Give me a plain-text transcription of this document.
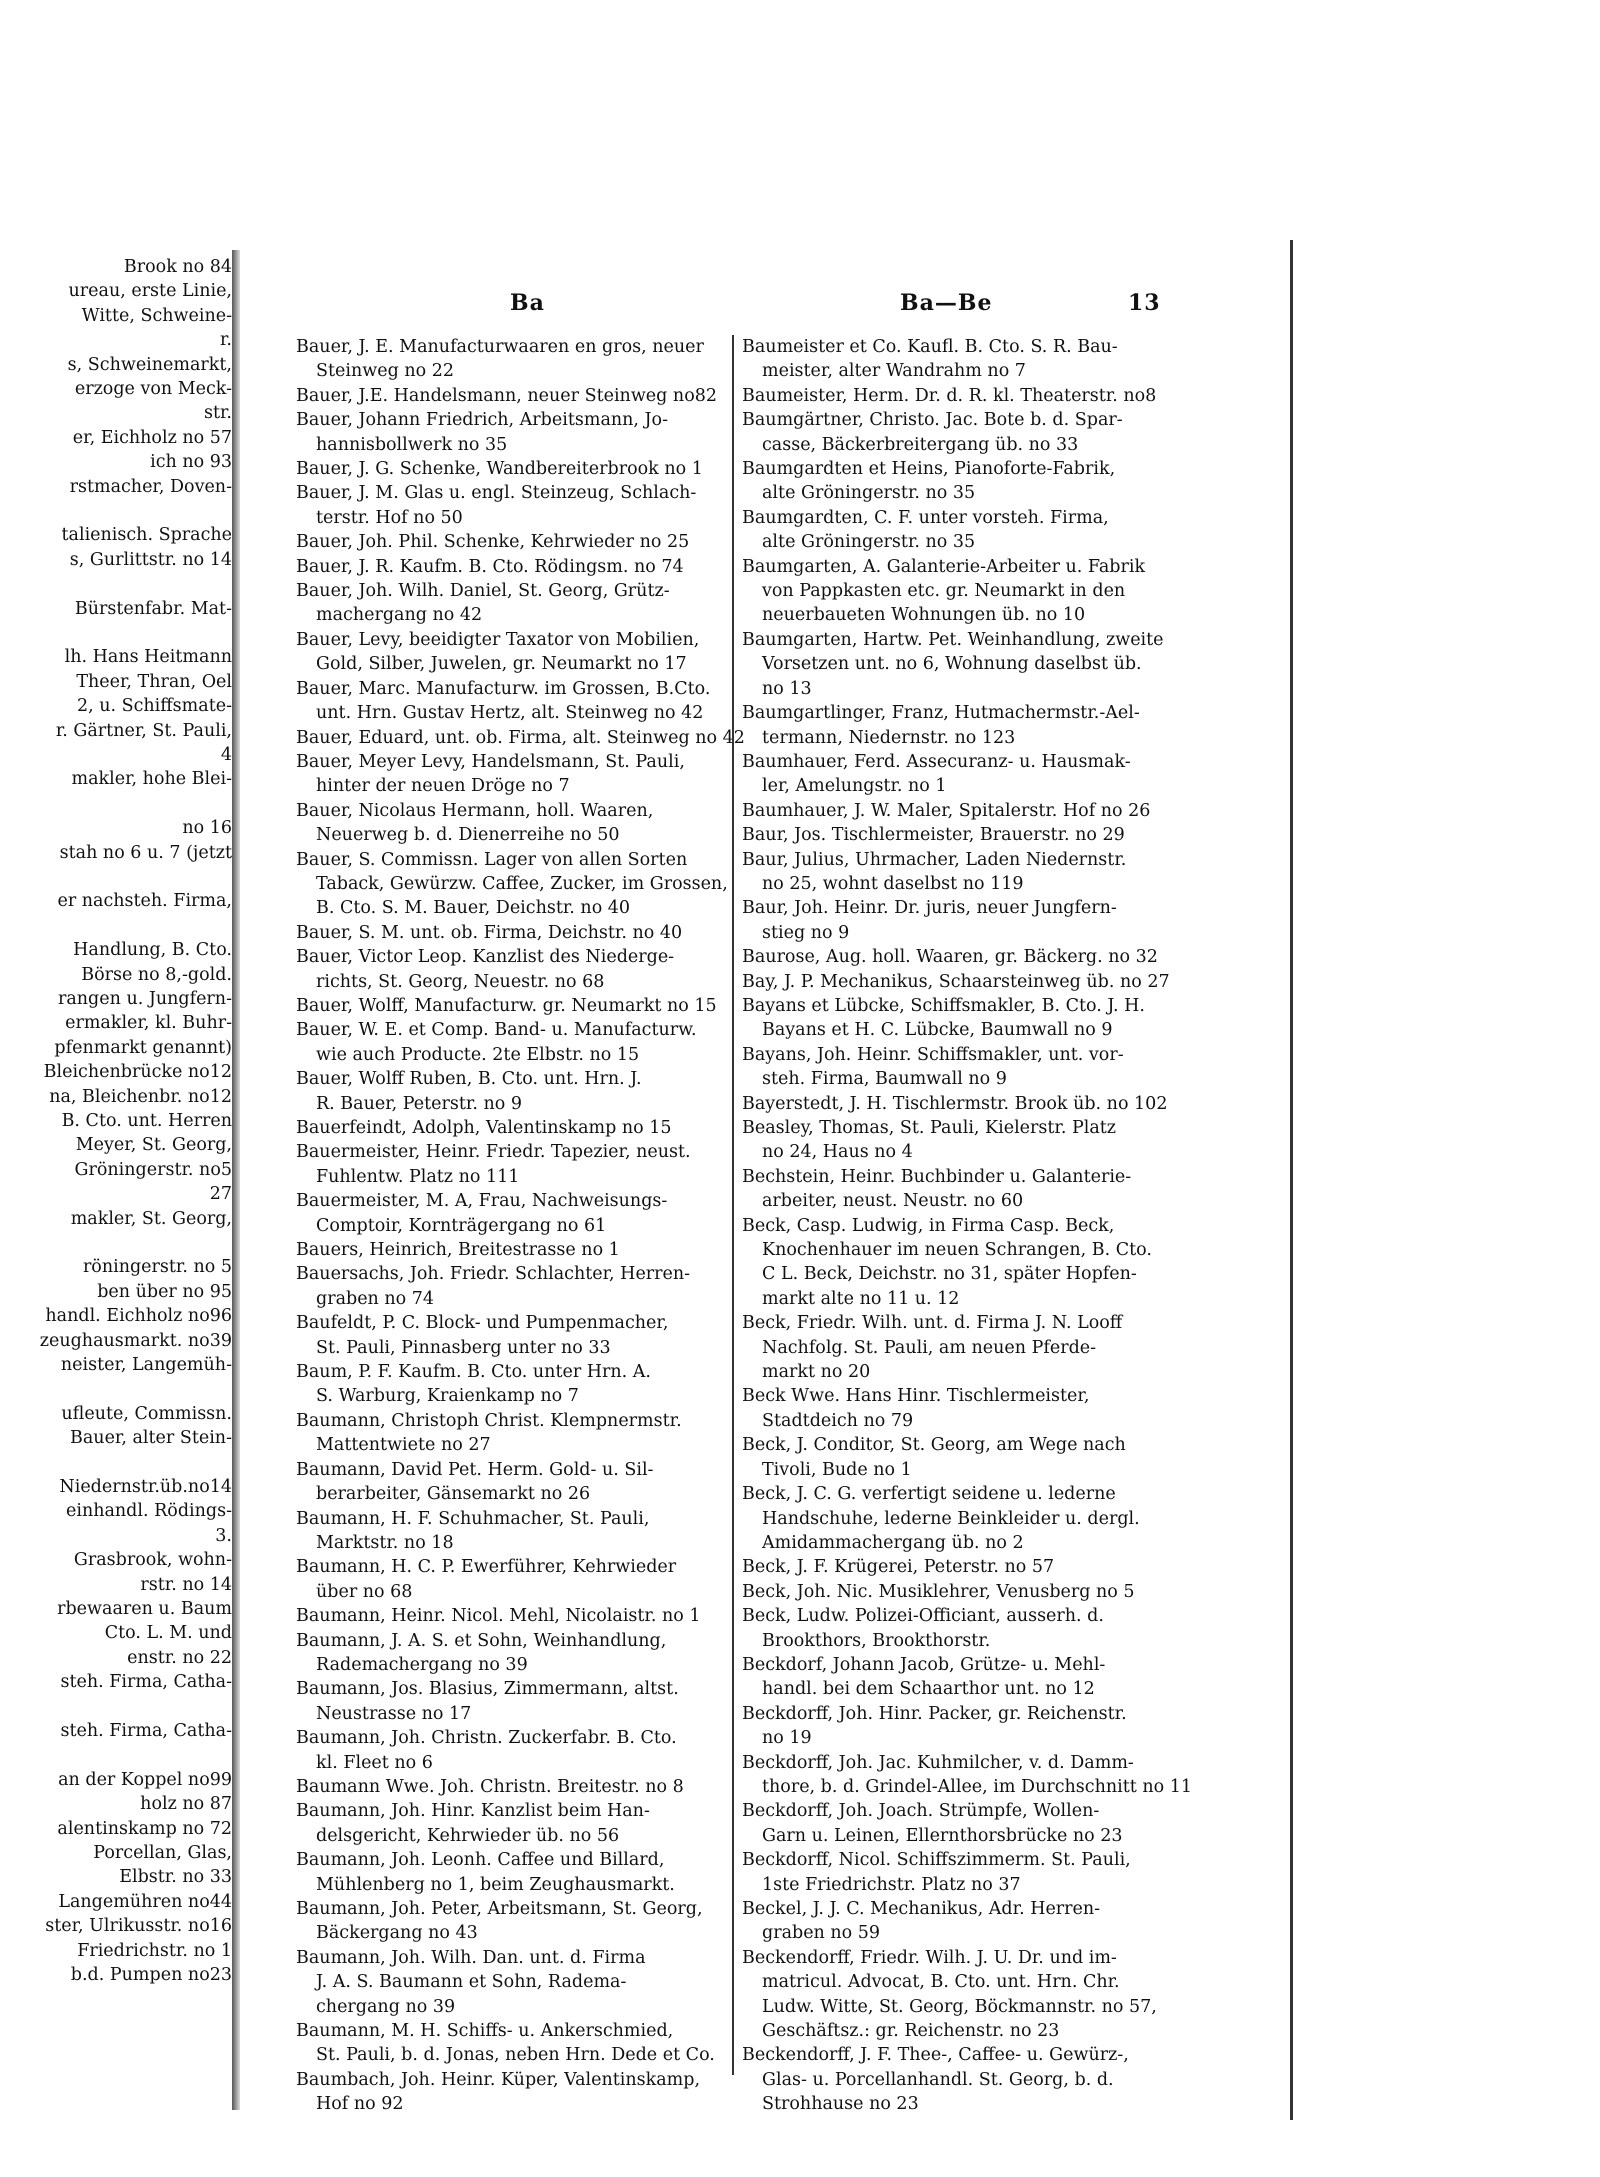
Brook no 84
ureau, erste Linie,
Witte, Schweine-
r.
s, Schweinemarkt,
erzoge von Meck-
str.
er, Eichholz no 57
ich no 93
rstmacher, Doven-
talienisch. Sprache
s, Gurlittstr. no 14
Bürstenfabr. Mat-
lh. Hans Heitmann
Theer, Thran, Oel
2, u. Schiffsmate-
r. Gärtner, St. Pauli,
4
makler, hohe Blei-
no 16
stah no 6 u. 7 (jetzt
er nachsteh. Firma,
Handlung, B. Cto.
Börse no 8,-gold.
rangen u. Jungfern-
ermakler, kl. Buhr-
pfenmarkt genannt)
Bleichenbrücke no12
na, Bleichenbr. no12
B. Cto. unt. Herren
Meyer, St. Georg,
Gröningerstr. no5
27
makler, St. Georg,
röningerstr. no 5
ben über no 95
handl. Eichholz no96
zeughausmarkt. no39
neister, Langemüh-
ufleute, Commissn.
Bauer, alter Stein-
Niedernstr.üb.no14
einhandl. Rödings-
3.
Grasbrook, wohn-
rstr. no 14
rbewaaren u. Baum
Cto. L. M. und
enstr. no 22
steh. Firma, Catha-
steh. Firma, Catha-
an der Koppel no99
holz no 87
alentinskamp no 72
Porcellan, Glas,
Elbstr. no 33
Langemühren no44
ster, Ulrikusstr. no16
Friedrichstr. no 1
b.d. Pumpen no23
Ba	Ba—Be	13
Bauer, J. E. Manufacturwaaren en gros, neuer
Steinweg no 22
Bauer, J.E. Handelsmann, neuer Steinweg no82
Bauer, Johann Friedrich, Arbeitsmann, Jo-
hannisbollwerk no 35
Bauer, J. G. Schenke, Wandbereiterbrook no 1
Bauer, J. M. Glas u. engl. Steinzeug, Schlach-
terstr. Hof no 50
Bauer, Joh. Phil. Schenke, Kehrwieder no 25
Bauer, J. R. Kaufm. B. Cto. Rödingsm. no 74
Bauer, Joh. Wilh. Daniel, St. Georg, Grütz-
machergang no 42
Bauer, Levy, beeidigter Taxator von Mobilien,
Gold, Silber, Juwelen, gr. Neumarkt no 17
Bauer, Marc. Manufacturw. im Grossen, B.Cto.
unt. Hrn. Gustav Hertz, alt. Steinweg no 42
Bauer, Eduard, unt. ob. Firma, alt. Steinweg no 42
Bauer, Meyer Levy, Handelsmann, St. Pauli,
hinter der neuen Dröge no 7
Bauer, Nicolaus Hermann, holl. Waaren,
Neuerweg b. d. Dienerreihe no 50
Bauer, S. Commissn. Lager von allen Sorten
Taback, Gewürzw. Caffee, Zucker, im Grossen,
B. Cto. S. M. Bauer, Deichstr. no 40
Bauer, S. M. unt. ob. Firma, Deichstr. no 40
Bauer, Victor Leop. Kanzlist des Niederge-
richts, St. Georg, Neuestr. no 68
Bauer, Wolff, Manufacturw. gr. Neumarkt no 15
Bauer, W. E. et Comp. Band- u. Manufacturw.
wie auch Producte. 2te Elbstr. no 15
Bauer, Wolff Ruben, B. Cto. unt. Hrn. J.
R. Bauer, Peterstr. no 9
Bauerfeindt, Adolph, Valentinskamp no 15
Bauermeister, Heinr. Friedr. Tapezier, neust.
Fuhlentw. Platz no 111
Bauermeister, M. A, Frau, Nachweisungs-
Comptoir, Kornträgergang no 61
Bauers, Heinrich, Breitestrasse no 1
Bauersachs, Joh. Friedr. Schlachter, Herren-
graben no 74
Baufeldt, P. C. Block- und Pumpenmacher,
St. Pauli, Pinnasberg unter no 33
Baum, P. F. Kaufm. B. Cto. unter Hrn. A.
S. Warburg, Kraienkamp no 7
Baumann, Christoph Christ. Klempnermstr.
Mattentwiete no 27
Baumann, David Pet. Herm. Gold- u. Sil-
berarbeiter, Gänsemarkt no 26
Baumann, H. F. Schuhmacher, St. Pauli,
Marktstr. no 18
Baumann, H. C. P. Ewerführer, Kehrwieder
über no 68
Baumann, Heinr. Nicol. Mehl, Nicolaistr. no 1
Baumann, J. A. S. et Sohn, Weinhandlung,
Rademachergang no 39
Baumann, Jos. Blasius, Zimmermann, altst.
Neustrasse no 17
Baumann, Joh. Christn. Zuckerfabr. B. Cto.
kl. Fleet no 6
Baumann Wwe. Joh. Christn. Breitestr. no 8
Baumann, Joh. Hinr. Kanzlist beim Han-
delsgericht, Kehrwieder üb. no 56
Baumann, Joh. Leonh. Caffee und Billard,
Mühlenberg no 1, beim Zeughausmarkt.
Baumann, Joh. Peter, Arbeitsmann, St. Georg,
Bäckergang no 43
Baumann, Joh. Wilh. Dan. unt. d. Firma
J. A. S. Baumann et Sohn, Radema-
chergang no 39
Baumann, M. H. Schiffs- u. Ankerschmied,
St. Pauli, b. d. Jonas, neben Hrn. Dede et Co.
Baumbach, Joh. Heinr. Küper, Valentinskamp,
Hof no 92
Baumeister et Co. Kaufl. B. Cto. S. R. Bau-
meister, alter Wandrahm no 7
Baumeister, Herm. Dr. d. R. kl. Theaterstr. no8
Baumgärtner, Christo. Jac. Bote b. d. Spar-
casse, Bäckerbreitergang üb. no 33
Baumgardten et Heins, Pianoforte-Fabrik,
alte Gröningerstr. no 35
Baumgardten, C. F. unter vorsteh. Firma,
alte Gröningerstr. no 35
Baumgarten, A. Galanterie-Arbeiter u. Fabrik
von Pappkasten etc. gr. Neumarkt in den
neuerbaueten Wohnungen üb. no 10
Baumgarten, Hartw. Pet. Weinhandlung, zweite
Vorsetzen unt. no 6, Wohnung daselbst üb.
no 13
Baumgartlinger, Franz, Hutmachermstr.-Ael-
termann, Niedernstr. no 123
Baumhauer, Ferd. Assecuranz- u. Hausmak-
ler, Amelungstr. no 1
Baumhauer, J. W. Maler, Spitalerstr. Hof no 26
Baur, Jos. Tischlermeister, Brauerstr. no 29
Baur, Julius, Uhrmacher, Laden Niedernstr.
no 25, wohnt daselbst no 119
Baur, Joh. Heinr. Dr. juris, neuer Jungfern-
stieg no 9
Baurose, Aug. holl. Waaren, gr. Bäckerg. no 32
Bay, J. P. Mechanikus, Schaarsteinweg üb. no 27
Bayans et Lübcke, Schiffsmakler, B. Cto. J. H.
Bayans et H. C. Lübcke, Baumwall no 9
Bayans, Joh. Heinr. Schiffsmakler, unt. vor-
steh. Firma, Baumwall no 9
Bayerstedt, J. H. Tischlermstr. Brook üb. no 102
Beasley, Thomas, St. Pauli, Kielerstr. Platz
no 24, Haus no 4
Bechstein, Heinr. Buchbinder u. Galanterie-
arbeiter, neust. Neustr. no 60
Beck, Casp. Ludwig, in Firma Casp. Beck,
Knochenhauer im neuen Schrangen, B. Cto.
C L. Beck, Deichstr. no 31, später Hopfen-
markt alte no 11 u. 12
Beck, Friedr. Wilh. unt. d. Firma J. N. Looff
Nachfolg. St. Pauli, am neuen Pferde-
markt no 20
Beck Wwe. Hans Hinr. Tischlermeister,
Stadtdeich no 79
Beck, J. Conditor, St. Georg, am Wege nach
Tivoli, Bude no 1
Beck, J. C. G. verfertigt seidene u. lederne
Handschuhe, lederne Beinkleider u. dergl.
Amidammachergang üb. no 2
Beck, J. F. Krügerei, Peterstr. no 57
Beck, Joh. Nic. Musiklehrer, Venusberg no 5
Beck, Ludw. Polizei-Officiant, ausserh. d.
Brookthors, Brookthorstr.
Beckdorf, Johann Jacob, Grütze- u. Mehl-
handl. bei dem Schaarthor unt. no 12
Beckdorff, Joh. Hinr. Packer, gr. Reichenstr.
no 19
Beckdorff, Joh. Jac. Kuhmilcher, v. d. Damm-
thore, b. d. Grindel-Allee, im Durchschnitt no 11
Beckdorff, Joh. Joach. Strümpfe, Wollen-
Garn u. Leinen, Ellernthorsbrücke no 23
Beckdorff, Nicol. Schiffszimmerm. St. Pauli,
1ste Friedrichstr. Platz no 37
Beckel, J. J. C. Mechanikus, Adr. Herren-
graben no 59
Beckendorff, Friedr. Wilh. J. U. Dr. und im-
matricul. Advocat, B. Cto. unt. Hrn. Chr.
Ludw. Witte, St. Georg, Böckmannstr. no 57,
Geschäftsz.: gr. Reichenstr. no 23
Beckendorff, J. F. Thee-, Caffee- u. Gewürz-,
Glas- u. Porcellanhandl. St. Georg, b. d.
Strohhause no 23
